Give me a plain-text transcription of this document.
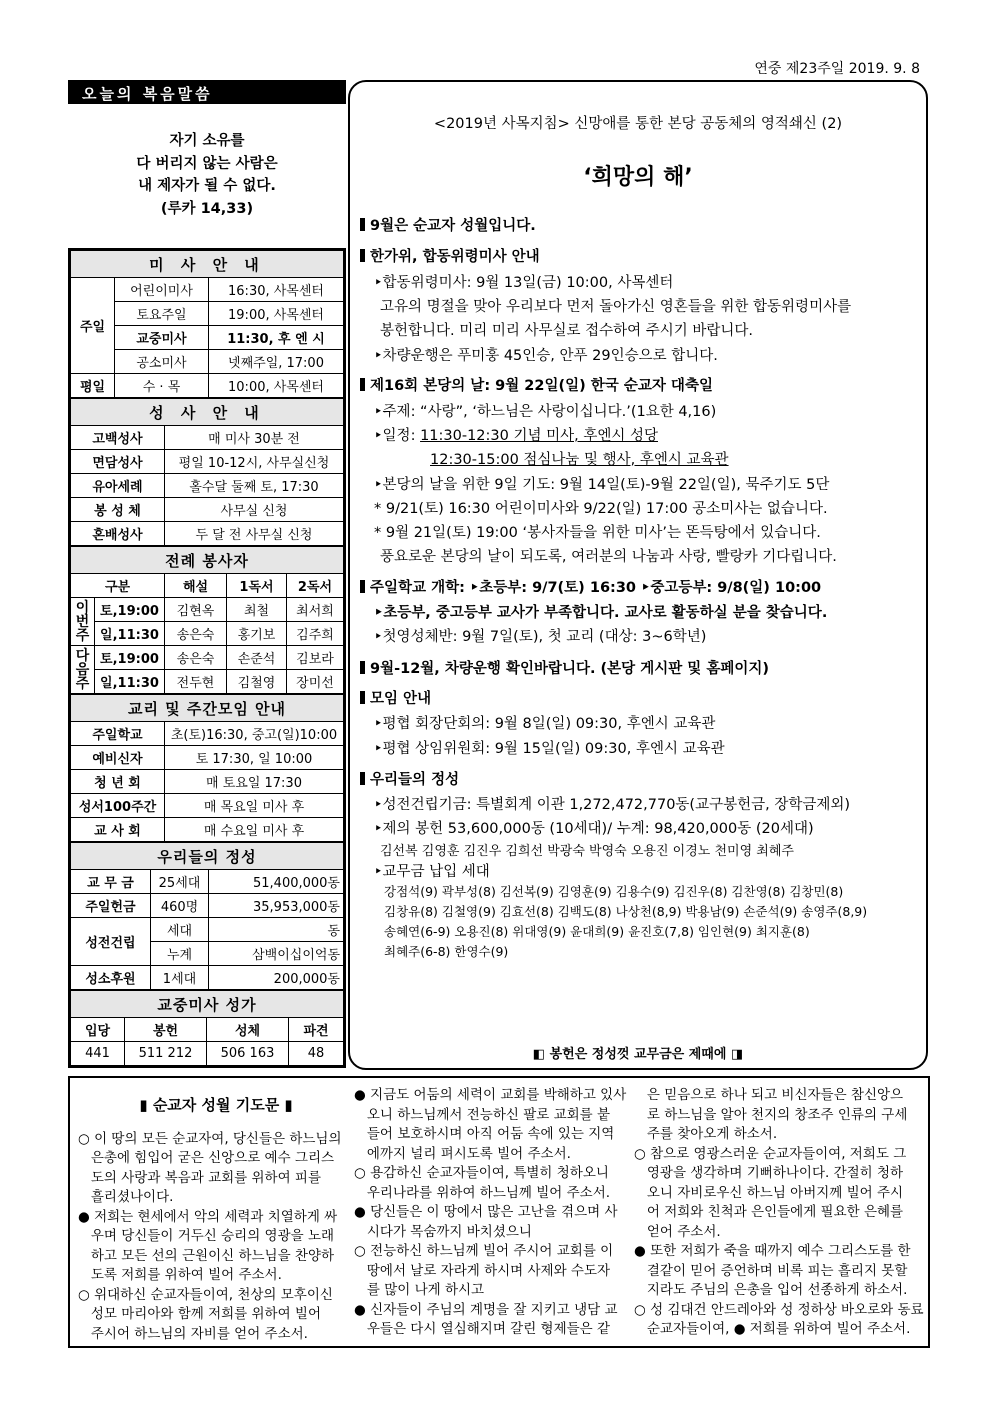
연중 제23주일 2019. 9. 8
오늘의 복음말씀
자기 소유를
다 버리지 않는 사람은
내 제자가 될 수 없다.
(루카 14,33)
미 사 안 내		
주일	어린이미사	16:30, 사목센터
	토요주일	19:00, 사목센터
	교중미사	11:30, 후 엔 시
	공소미사	넷째주일, 17:00
평일	수 · 목	10:00, 사목센터
성 사 안 내	
고백성사	매 미사 30분 전
면담성사	평일 10-12시, 사무실신청
유아세례	홀수달 둘째 토, 17:30
봉 성 체	사무실 신청
혼배성사	두 달 전 사무실 신청
전례 봉사자				
구분		해설	1독서	2독서
이번주	토,19:00	김현옥	최철	최서희
	일,11:30	송은숙	홍기보	김주희
다음주	토,19:00	송은숙	손준석	김보라
	일,11:30	전두현	김철영	장미선
교리 및 주간모임 안내	
주일학교	초(토)16:30, 중고(일)10:00
예비신자	토 17:30, 일 10:00
청 년 회	매 토요일 17:30
성서100주간	매 목요일 미사 후
교 사 회	매 수요일 미사 후
우리들의 정성		
교 무 금	25세대	51,400,000동
주일헌금	460명	35,953,000동
성전건립	세대	동
	누계	삼백이십이억동
성소후원	1세대	200,000동
교중미사 성가			
입당	봉헌	성체	파견
441	511 212	506 163	48
<2019년 사목지침> 신망애를 통한 본당 공동체의 영적쇄신 (2)
‘희망의 해’
9월은 순교자 성월입니다.
한가위, 합동위령미사 안내
‣합동위령미사: 9월 13일(금) 10:00, 사목센터
고유의 명절을 맞아 우리보다 먼저 돌아가신 영혼들을 위한 합동위령미사를
봉헌합니다. 미리 미리 사무실로 접수하여 주시기 바랍니다.
‣차량운행은 푸미훙 45인승, 안푸 29인승으로 합니다.
제16회 본당의 날: 9월 22일(일) 한국 순교자 대축일
‣주제: “사랑”, ‘하느님은 사랑이십니다.’(1요한 4,16)
‣일정: 11:30-12:30 기념 미사, 후엔시 성당
12:30-15:00 점심나눔 및 행사, 후엔시 교육관
‣본당의 날을 위한 9일 기도: 9월 14일(토)-9월 22일(일), 묵주기도 5단
* 9/21(토) 16:30 어린이미사와 9/22(일) 17:00 공소미사는 없습니다.
* 9월 21일(토) 19:00 ‘봉사자들을 위한 미사’는 똔득탕에서 있습니다.
풍요로운 본당의 날이 되도록, 여러분의 나눔과 사랑, 빨랑카 기다립니다.
주일학교 개학: ‣초등부: 9/7(토) 16:30 ‣중고등부: 9/8(일) 10:00
‣초등부, 중고등부 교사가 부족합니다. 교사로 활동하실 분을 찾습니다.
‣첫영성체반: 9월 7일(토), 첫 교리 (대상: 3~6학년)
9월-12월, 차량운행 확인바랍니다. (본당 게시판 및 홈페이지)
모임 안내
‣평협 회장단회의: 9월 8일(일) 09:30, 후엔시 교육관
‣평협 상임위원회: 9월 15일(일) 09:30, 후엔시 교육관
우리들의 정성
‣성전건립기금: 특별회계 이관 1,272,472,770동(교구봉헌금, 장학금제외)
‣제의 봉헌 53,600,000동 (10세대)/ 누계: 98,420,000동 (20세대)
김선복 김영훈 김진우 김희선 박광숙 박영숙 오용진 이경노 천미영 최혜주
‣교무금 납입 세대
강점석(9) 곽부성(8) 김선복(9) 김영훈(9) 김용수(9) 김진우(8) 김찬영(8) 김창민(8)
김창유(8) 김철영(9) 김효선(8) 김백도(8) 나상천(8,9) 박용남(9) 손준석(9) 송영주(8,9)
송혜연(6-9) 오용진(8) 위대영(9) 윤대희(9) 윤진호(7,8) 임인현(9) 최지훈(8)
최혜주(6-8) 한영수(9)
◧ 봉헌은 정성껏 교무금은 제때에 ◨
▮ 순교자 성월 기도문 ▮

○ 이 땅의 모든 순교자여, 당신들은 하느님의

은총에 힘입어 굳은 신앙으로 예수 그리스

도의 사랑과 복음과 교회를 위하여 피를

흘리셨나이다.

● 저희는 현세에서 악의 세력과 치열하게 싸

우며 당신들이 거두신 승리의 영광을 노래

하고 모든 선의 근원이신 하느님을 찬양하

도록 저희를 위하여 빌어 주소서.

○ 위대하신 순교자들이여, 천상의 모후이신

성모 마리아와 함께 저희를 위하여 빌어

주시어 하느님의 자비를 얻어 주소서.

● 지금도 어둠의 세력이 교회를 박해하고 있사

오니 하느님께서 전능하신 팔로 교회를 붙

들어 보호하시며 아직 어둠 속에 있는 지역

에까지 널리 펴시도록 빌어 주소서.

○ 용감하신 순교자들이여, 특별히 청하오니

우리나라를 위하여 하느님께 빌어 주소서.

● 당신들은 이 땅에서 많은 고난을 겪으며 사

시다가 목숨까지 바치셨으니

○ 전능하신 하느님께 빌어 주시어 교회를 이

땅에서 날로 자라게 하시며 사제와 수도자

를 많이 나게 하시고

● 신자들이 주님의 계명을 잘 지키고 냉담 교

우들은 다시 열심해지며 갈린 형제들은 같

은 믿음으로 하나 되고 비신자들은 참신앙으

로 하느님을 알아 천지의 창조주 인류의 구세

주를 찾아오게 하소서.

○ 참으로 영광스러운 순교자들이여, 저희도 그

영광을 생각하며 기뻐하나이다. 간절히 청하

오니 자비로우신 하느님 아버지께 빌어 주시

어 저희와 친척과 은인들에게 필요한 은혜를

얻어 주소서.

● 또한 저희가 죽을 때까지 예수 그리스도를 한

결같이 믿어 증언하며 비록 피는 흘리지 못할

지라도 주님의 은총을 입어 선종하게 하소서.

○ 성 김대건 안드레아와 성 정하상 바오로와 동료

순교자들이여, ● 저희를 위하여 빌어 주소서.
